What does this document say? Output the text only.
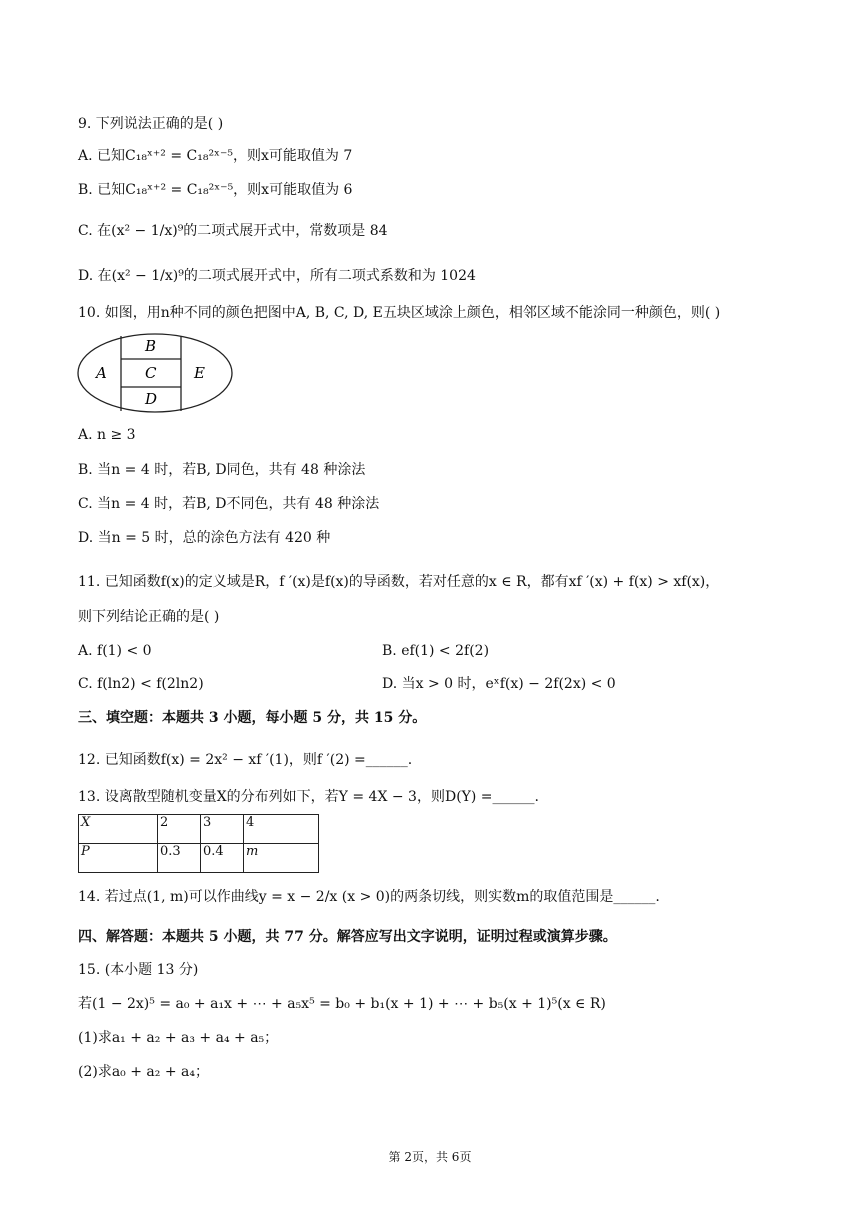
9. 下列说法正确的是( )
A. 已知C₁₈ˣ⁺² = C₁₈²ˣ⁻⁵，则x可能取值为 7
B. 已知C₁₈ˣ⁺² = C₁₈²ˣ⁻⁵，则x可能取值为 6
C. 在(x² − 1/x)⁹的二项式展开式中，常数项是 84
D. 在(x² − 1/x)⁹的二项式展开式中，所有二项式系数和为 1024
10. 如图，用n种不同的颜色把图中A, B, C, D, E五块区域涂上颜色，相邻区域不能涂同一种颜色，则( )
A
B
C
D
E
A. n ≥ 3
B. 当n = 4 时，若B, D同色，共有 48 种涂法
C. 当n = 4 时，若B, D不同色，共有 48 种涂法
D. 当n = 5 时，总的涂色方法有 420 种
11. 已知函数f(x)的定义域是R，f ′(x)是f(x)的导函数，若对任意的x ∈ R，都有xf ′(x) + f(x) > xf(x)，
则下列结论正确的是( )
A. f(1) < 0	B. ef(1) < 2f(2)
C. f(ln2) < f(2ln2)	D. 当x > 0 时，eˣf(x) − 2f(2x) < 0
三、填空题：本题共 3 小题，每小题 5 分，共 15 分。
12. 已知函数f(x) = 2x² − xf ′(1)，则f ′(2) =______.
13. 设离散型随机变量X的分布列如下，若Y = 4X − 3，则D(Y) =______.
X	2	3	4
P	0.3	0.4	m
14. 若过点(1, m)可以作曲线y = x − 2/x (x > 0)的两条切线，则实数m的取值范围是______.
四、解答题：本题共 5 小题，共 77 分。解答应写出文字说明，证明过程或演算步骤。
15. (本小题 13 分)
若(1 − 2x)⁵ = a₀ + a₁x + ⋯ + a₅x⁵ = b₀ + b₁(x + 1) + ⋯ + b₅(x + 1)⁵(x ∈ R)
(1)求a₁ + a₂ + a₃ + a₄ + a₅；
(2)求a₀ + a₂ + a₄；
第 2页，共 6页
